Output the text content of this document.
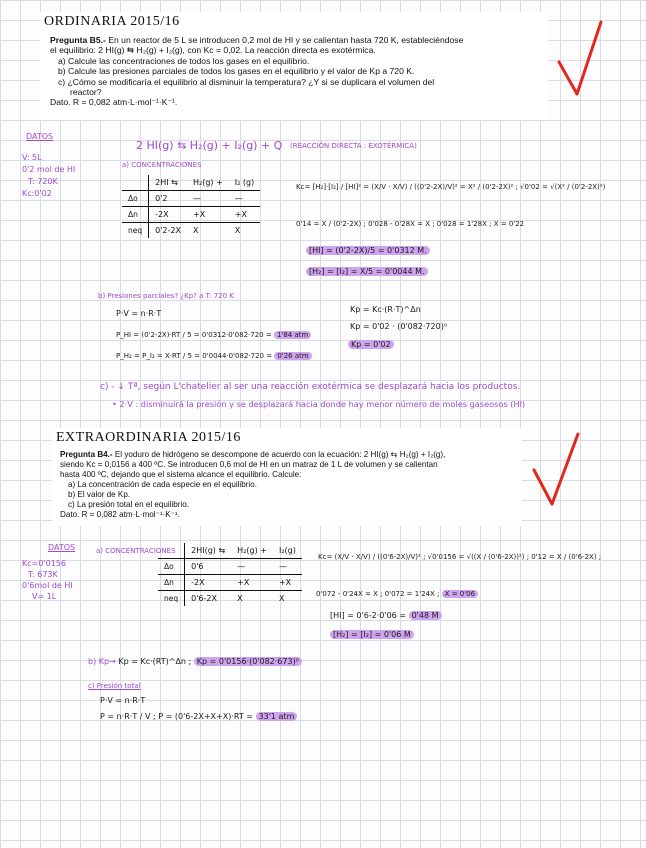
ORDINARIA 2015/16

Pregunta B5.- En un reactor de 5 L se introducen 0,2 mol de HI y se calientan hasta 720 K, estableciéndose

el equilibrio: 2 HI(g) ⇆ H₂(g) + I₂(g), con Kc = 0,02. La reacción directa es exotérmica.

a) Calcule las concentraciones de todos los gases en el equilibrio.

b) Calcule las presiones parciales de todos los gases en el equilibrio y el valor de Kp a 720 K.

c) ¿Cómo se modificaría el equilibrio al disminuir la temperatura? ¿Y si se duplicara el volumen del

reactor?

Dato. R = 0,082 atm·L·mol⁻¹·K⁻¹.

DATOS
V: 5L
0'2 mol de HI
T: 720K
Kc:0'02
2 HI(g) ⇆ H₂(g) + I₂(g) + Q (REACCIÓN DIRECTA : EXOTÉRMICA)
a) CONCENTRACIONES
	2HI ⇆	H₂(g) +	I₂ (g)
Δo	0'2	—	—
Δn	-2X	+X	+X
neq	0'2-2X	X	X
Kc= [H₂]·[I₂] / [HI]² = (X/V · X/V) / ((0'2-2X)/V)² = X² / (0'2-2X)² ; √0'02 = √(X² / (0'2-2X)²)
0'14 = X / (0'2-2X) ; 0'028 - 0'28X = X ; 0'028 = 1'28X ; X = 0'22
[HI] = (0'2-2X)/5 = 0'0312 M.
[H₂] = [I₂] = X/5 = 0'0044 M.
b) Presiones parciales? ¿Kp? a T: 720 K
P·V = n·R·T
P_HI = (0'2-2X)·RT / 5 = 0'0312·0'082·720 = 1'84 atm
P_H₂ = P_I₂ = X·RT / 5 = 0'0044·0'082·720 = 0'26 atm
Kp = Kc·(R·T)^Δn
Kp = 0'02 · (0'082·720)⁰
Kp = 0'02
c) - ↓ Tª, según L'chatelier al ser una reacción exotérmica se desplazará hacia los productos.
• 2·V : disminuirá la presión y se desplazará hacia donde hay menor número de moles gaseosos (HI)
EXTRAORDINARIA 2015/16

Pregunta B4.- El yoduro de hidrógeno se descompone de acuerdo con la ecuación: 2 HI(g) ⇆ H₂(g) + I₂(g),

siendo Kc = 0,0156 a 400 ºC. Se introducen 0,6 mol de HI en un matraz de 1 L de volumen y se calientan

hasta 400 ºC, dejando que el sistema alcance el equilibrio. Calcule:

a) La concentración de cada especie en el equilibrio.

b) El valor de Kp.

c) La presión total en el equilibrio.

Dato. R = 0,082 atm·L·mol⁻¹·K⁻¹.

DATOS
Kc=0'0156
T: 673K
0'6mol de HI
V= 1L
a) CONCENTRACIONES
	2HI(g) ⇆	H₂(g) +	I₂(g)
Δo	0'6	—	—
Δn	-2X	+X	+X
neq	0'6-2X	X	X
Kc= (X/V · X/V) / ((0'6-2X)/V)² ; √0'0156 = √((X / (0'6-2X))²) ; 0'12 = X / (0'6-2X) ;
0'072 - 0'24X = X ; 0'072 = 1'24X ; X = 0'06
[HI] = 0'6-2·0'06 = 0'48 M
[H₂] = [I₂] = 0'06 M
b) Kp→ Kp = Kc·(RT)^Δn ; Kp = 0'0156·(0'082·673)⁰
c) Presión total
P·V = n·R·T
P = n·R·T / V ; P = (0'6-2X+X+X)·RT = 33'1 atm
